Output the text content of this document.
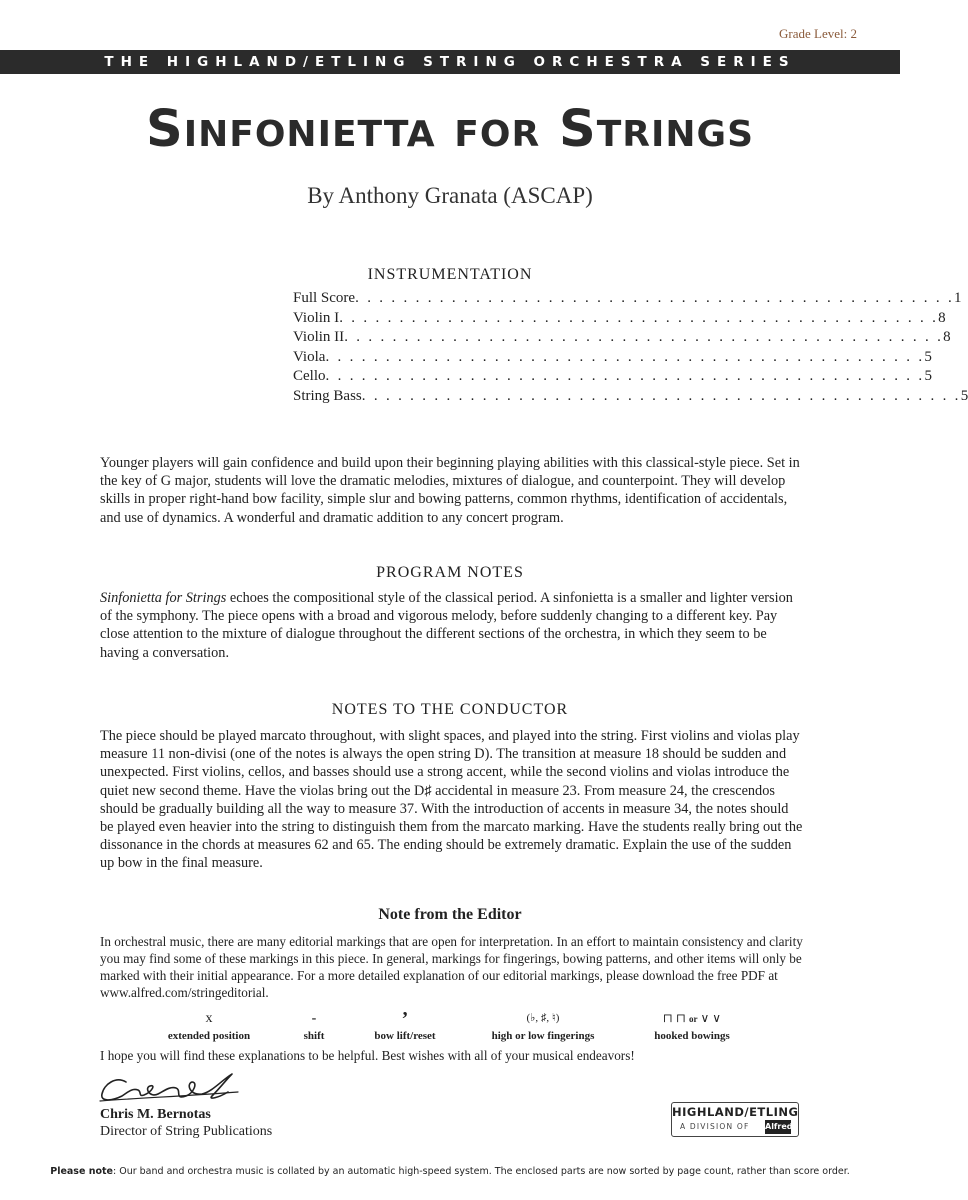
Grade Level: 2
THE HIGHLAND/ETLING STRING ORCHESTRA SERIES
Sinfonietta for Strings
By Anthony Granata (ASCAP)
INSTRUMENTATION
Full Score . . . . . . . . . . . . . . . . . . . . . . . . . . . . . . . . . . . . . . . . . . . . . . . . . . 1
Violin I . . . . . . . . . . . . . . . . . . . . . . . . . . . . . . . . . . . . . . . . . . . . . . . . . . 8
Violin II . . . . . . . . . . . . . . . . . . . . . . . . . . . . . . . . . . . . . . . . . . . . . . . . . . 8
Viola . . . . . . . . . . . . . . . . . . . . . . . . . . . . . . . . . . . . . . . . . . . . . . . . . . 5
Cello . . . . . . . . . . . . . . . . . . . . . . . . . . . . . . . . . . . . . . . . . . . . . . . . . . 5
String Bass . . . . . . . . . . . . . . . . . . . . . . . . . . . . . . . . . . . . . . . . . . . . . . . . . . 5
Younger players will gain confidence and build upon their beginning playing abilities with this classical-style piece. Set in the key of G major, students will love the dramatic melodies, mixtures of dialogue, and counterpoint. They will develop skills in proper right-hand bow facility, simple slur and bowing patterns, common rhythms, identification of accidentals, and use of dynamics. A wonderful and dramatic addition to any concert program.
PROGRAM NOTES
Sinfonietta for Strings echoes the compositional style of the classical period. A sinfonietta is a smaller and lighter version of the symphony. The piece opens with a broad and vigorous melody, before suddenly changing to a different key. Pay close attention to the mixture of dialogue throughout the different sections of the orchestra, in which they seem to be having a conversation.
NOTES TO THE CONDUCTOR
The piece should be played marcato throughout, with slight spaces, and played into the string. First violins and violas play measure 11 non-divisi (one of the notes is always the open string D). The transition at measure 18 should be sudden and unexpected. First violins, cellos, and basses should use a strong accent, while the second violins and violas introduce the quiet new second theme. Have the violas bring out the D♯ accidental in measure 23. From measure 24, the crescendos should be gradually building all the way to measure 37. With the introduction of accents in measure 34, the notes should be played even heavier into the string to distinguish them from the marcato marking. Have the students really bring out the dissonance in the chords at measures 62 and 65. The ending should be extremely dramatic. Explain the use of the sudden up bow in the final measure.
Note from the Editor
In orchestral music, there are many editorial markings that are open for interpretation. In an effort to maintain consistency and clarity you may find some of these markings in this piece. In general, markings for fingerings, bowing patterns, and other items will only be marked with their initial appearance. For a more detailed explanation of our editorial markings, please download the free PDF at www.alfred.com/stringeditorial.
x
extended position
-
shift
’
bow lift/reset
(♭, ♯, ♮)
high or low fingerings
⊓ ⊓ or ∨ ∨
hooked bowings
I hope you will find these explanations to be helpful. Best wishes with all of your musical endeavors!
Chris M. Bernotas
Director of String Publications
HIGHLAND/ETLING
A DIVISION OF Alfred
Please note: Our band and orchestra music is collated by an automatic high-speed system. The enclosed parts are now sorted by page count, rather than score order.
